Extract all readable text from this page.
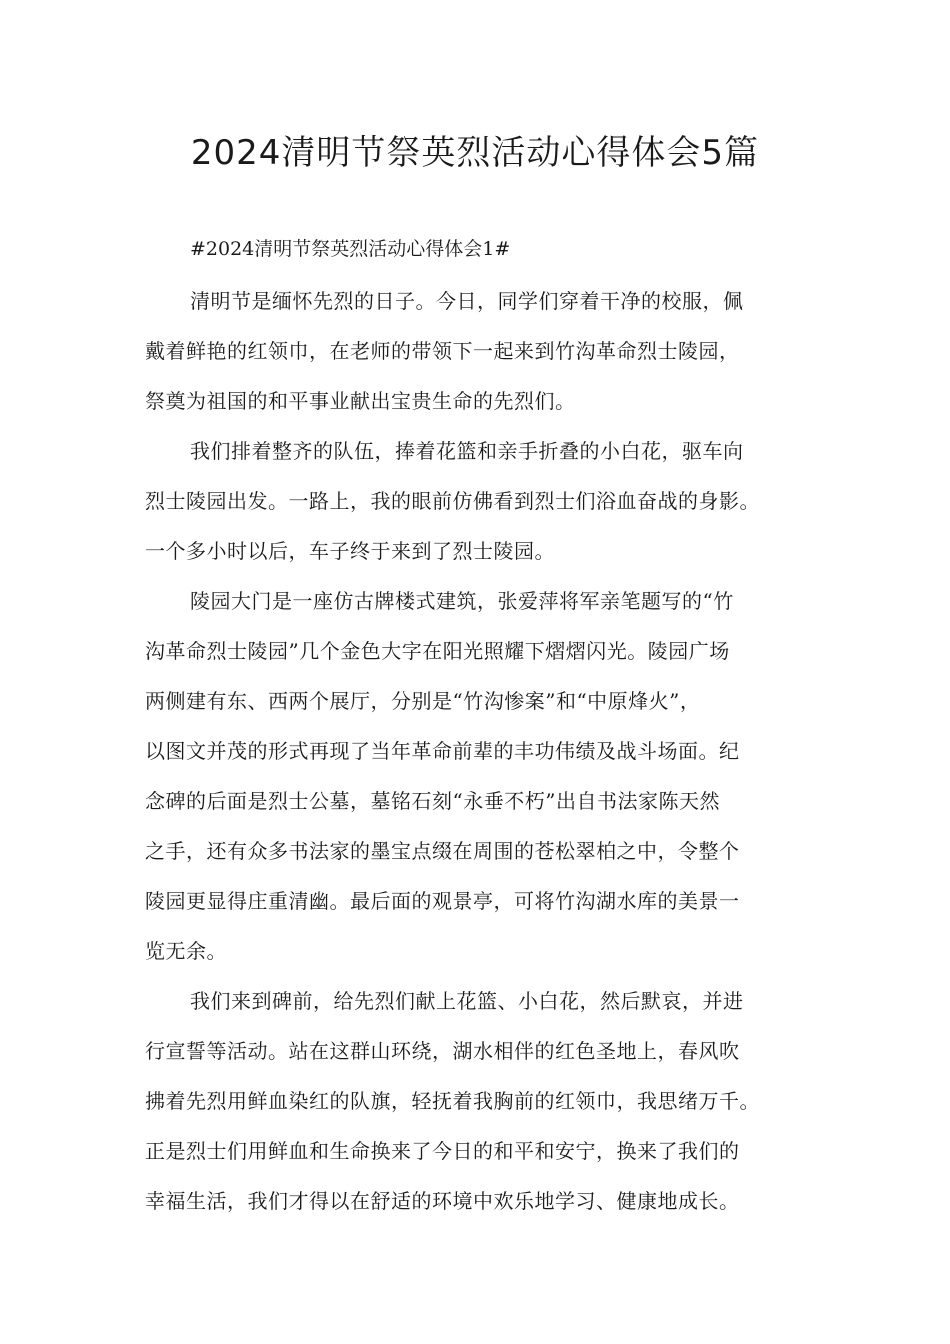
2024清明节祭英烈活动心得体会5篇

#2024清明节祭英烈活动心得体会1#

清明节是缅怀先烈的日子。今日，同学们穿着干净的校服，佩
戴着鲜艳的红领巾，在老师的带领下一起来到竹沟革命烈士陵园，
祭奠为祖国的和平事业献出宝贵生命的先烈们。
我们排着整齐的队伍，捧着花篮和亲手折叠的小白花，驱车向
烈士陵园出发。一路上，我的眼前仿佛看到烈士们浴血奋战的身影。
一个多小时以后，车子终于来到了烈士陵园。
陵园大门是一座仿古牌楼式建筑，张爱萍将军亲笔题写的“竹
沟革命烈士陵园”几个金色大字在阳光照耀下熠熠闪光。陵园广场
两侧建有东、西两个展厅，分别是“竹沟惨案”和“中原烽火”，
以图文并茂的形式再现了当年革命前辈的丰功伟绩及战斗场面。纪
念碑的后面是烈士公墓，墓铭石刻“永垂不朽”出自书法家陈天然
之手，还有众多书法家的墨宝点缀在周围的苍松翠柏之中，令整个
陵园更显得庄重清幽。最后面的观景亭，可将竹沟湖水库的美景一
览无余。
我们来到碑前，给先烈们献上花篮、小白花，然后默哀，并进
行宣誓等活动。站在这群山环绕，湖水相伴的红色圣地上，春风吹
拂着先烈用鲜血染红的队旗，轻抚着我胸前的红领巾，我思绪万千。
正是烈士们用鲜血和生命换来了今日的和平和安宁，换来了我们的
幸福生活，我们才得以在舒适的环境中欢乐地学习、健康地成长。
